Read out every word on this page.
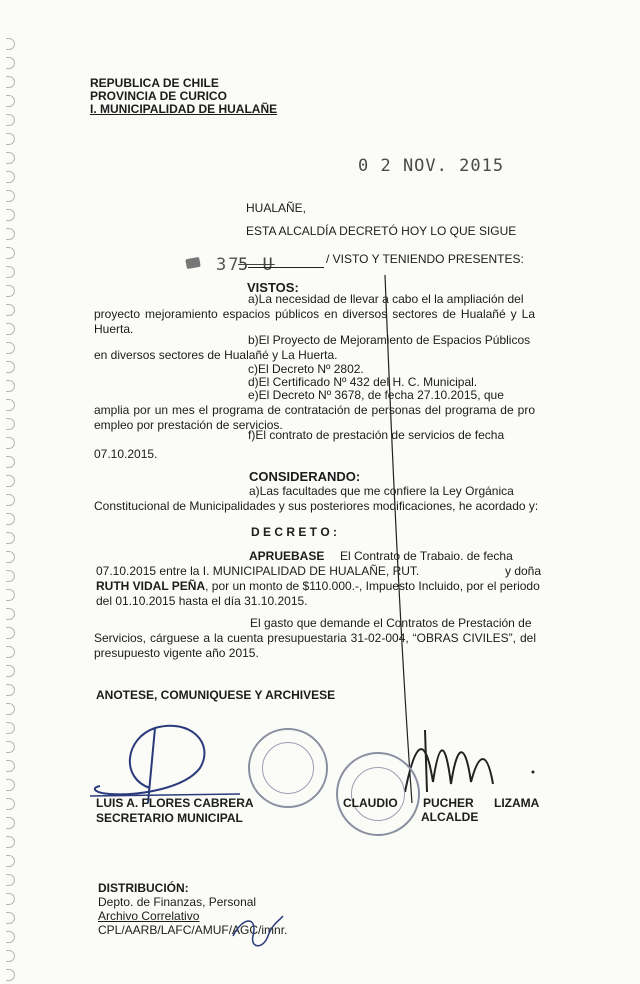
REPUBLICA DE CHILE
PROVINCIA DE CURICO
I. MUNICIPALIDAD DE HUALAÑE
0 2 NOV. 2015
HUALAÑE,
ESTA ALCALDÍA DECRETÓ HOY LO QUE SIGUE
37
5 U	/ VISTO Y TENIENDO PRESENTES:
VISTOS:
a)La necesidad de llevar a cabo el la ampliación del
proyecto mejoramiento espacios públicos en diversos sectores de Hualañé y La Huerta.
b)El Proyecto de Mejoramiento de Espacios Públicos
en diversos sectores de Hualañé y La Huerta.
c)El Decreto Nº 2802.
d)El Certificado Nº 432 del H. C. Municipal.
e)El Decreto Nº 3678, de fecha 27.10.2015, que
amplia por un mes el programa de contratación de personas del programa de pro empleo por prestación de servicios.
f)El contrato de prestación de servicios de fecha
07.10.2015.
CONSIDERANDO:
a)Las facultades que me confiere la Ley Orgánica
Constitucional de Municipalidades y sus posteriores modificaciones, he acordado y:
D E C R E T O :
APRUEBASE El Contrato de Trabaio. de fecha
07.10.2015 entre la I. MUNICIPALIDAD DE HUALAÑE, RUT.	y doña
RUTH VIDAL PEÑA, por un monto de $110.000.-, Impuesto Incluido, por el periodo
del 01.10.2015 hasta el día 31.10.2015.
El gasto que demande el Contratos de Prestación de
Servicios, cárguese a la cuenta presupuestaria 31-02-004, “OBRAS CIVILES”, del presupuesto vigente año 2015.
ANOTESE, COMUNIQUESE Y ARCHIVESE
LUIS A. FLORES CABRERA
SECRETARIO MUNICIPAL
CLAUDIO PUCHER LIZAMA
ALCALDE
DISTRIBUCIÓN:
Depto. de Finanzas, Personal
Archivo Correlativo
CPL/AARB/LAFC/AMUF/AGC/imnr.
